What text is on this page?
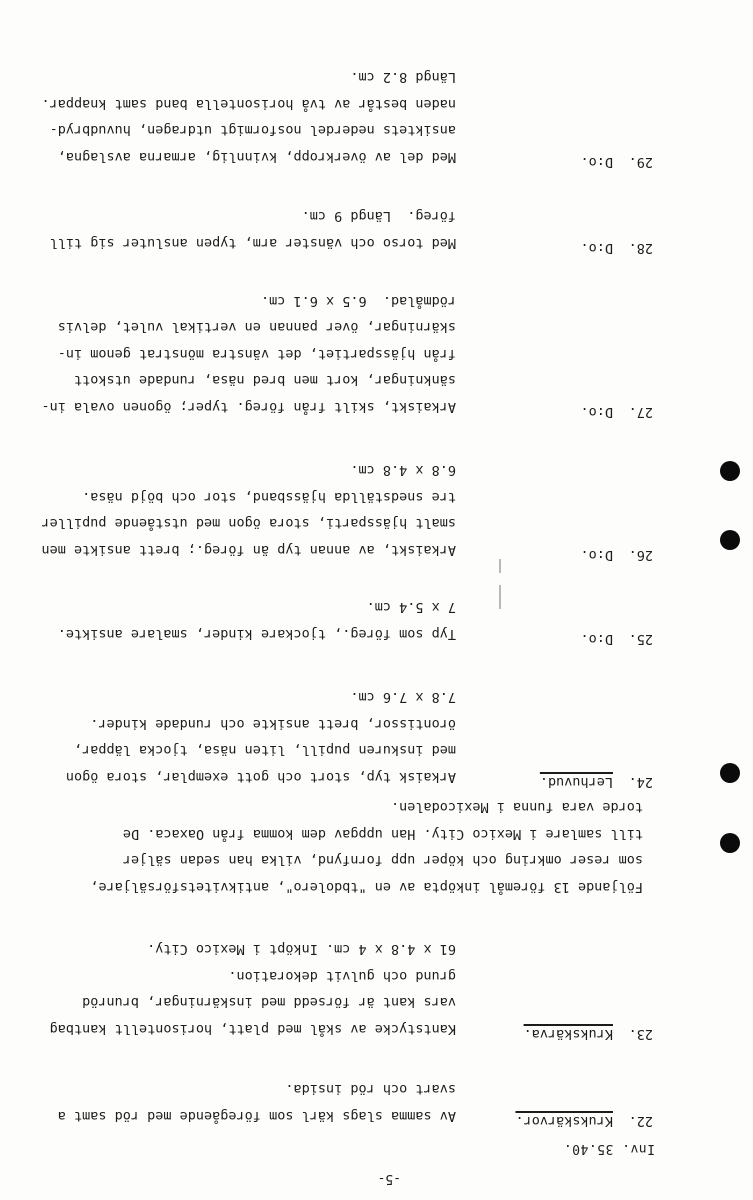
-5-
Inv. 35.40.
22.
Krukskärvor.
Av samma slags kärl som föregående med röd samt a
svart och röd insida.
23.
Krukskärva.
Kantstycke av skål med platt, horisontellt kantbag
vars kant är försedd med inskärningar, brunröd
grund och gulvit dekoration.
61 x 4.8 x 4 cm. Inköpt i Mexico City.
Följande 13 föremål inköpta av en "tbdolero", antikvitetsförsäljare,
som reser omkring och köper upp fornfynd, vilka han sedan säljer
till samlare i Mexico City. Han uppgav dem komma från Oaxaca. De
torde vara funna i Mexicodalen.
24.
Lerhuvud.
Arkaisk typ, stort och gott exemplar, stora ögon
med inskuren pupill, liten näsa, tjocka läppar,
örontissor, brett ansikte och rundade kinder.
7.8 x 7.6 cm.
25.
D:o.
Typ som föreg., tjockare kinder, smalare ansikte.
7 x 5.4 cm.
26.
D:o.
Arkaiskt, av annan typ än föreg.; brett ansikte men
smalt hjässparti, stora ögon med utstående pupiller
tre snedställda hjässband, stor och böjd näsa.
6.8 x 4.8 cm.
27.
D:o.
Arkaiskt, skilt från föreg. typer; ögonen ovala in-
sänkningar, kort men bred näsa, rundade utskott
från hjässpartiet, det vänstra mönstrat genom in-
skärningar, över pannan en vertikal vulet, delvis
rödmålad.  6.5 x 6.1 cm.
28.
D:o.
Med torso och vänster arm, typen ansluter sig till
föreg.  Längd 9 cm.
29.
D:o.
Med del av överkropp, kvinnlig, armarna avslagna,
ansiktets nederdel nosformigt utdragen, huvudbryd-
naden består av två horisontella band samt knappar.
Längd 8.2 cm.
